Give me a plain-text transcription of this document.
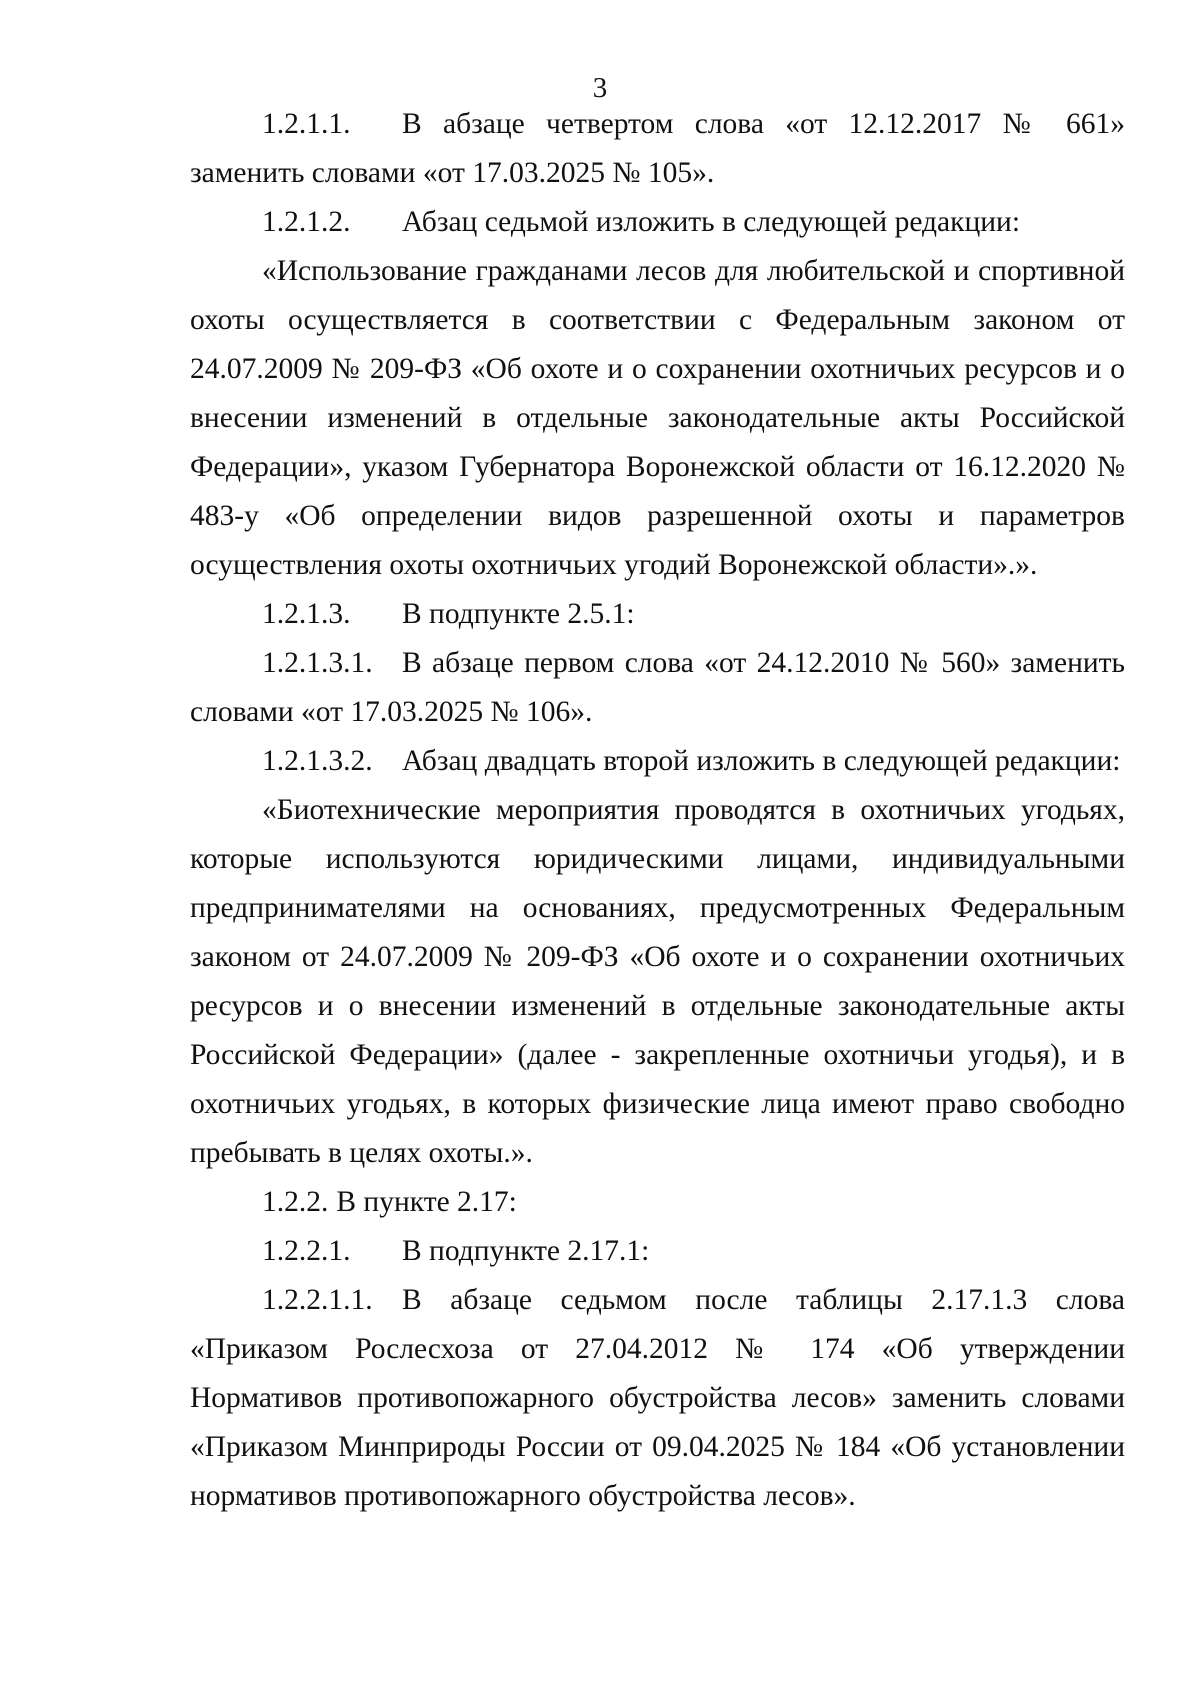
3

1.2.1.1. В абзаце четвертом слова «от 12.12.2017 № 661» заменить словами «от 17.03.2025 № 105».

1.2.1.2. Абзац седьмой изложить в следующей редакции:

«Использование гражданами лесов для любительской и спортивной охоты осуществляется в соответствии с Федеральным законом от 24.07.2009 № 209-ФЗ «Об охоте и о сохранении охотничьих ресурсов и о внесении изменений в отдельные законодательные акты Российской Федерации», указом Губернатора Воронежской области от 16.12.2020 № 483-у «Об определении видов разрешенной охоты и параметров осуществления охоты охотничьих угодий Воронежской области».».

1.2.1.3. В подпункте 2.5.1:

1.2.1.3.1. В абзаце первом слова «от 24.12.2010 № 560» заменить словами «от 17.03.2025 № 106».

1.2.1.3.2. Абзац двадцать второй изложить в следующей редакции:

«Биотехнические мероприятия проводятся в охотничьих угодьях, которые используются юридическими лицами, индивидуальными предпринимателями на основаниях, предусмотренных Федеральным законом от 24.07.2009 № 209-ФЗ «Об охоте и о сохранении охотничьих ресурсов и о внесении изменений в отдельные законодательные акты Российской Федерации» (далее - закрепленные охотничьи угодья), и в охотничьих угодьях, в которых физические лица имеют право свободно пребывать в целях охоты.».

1.2.2. В пункте 2.17:

1.2.2.1. В подпункте 2.17.1:

1.2.2.1.1. В абзаце седьмом после таблицы 2.17.1.3 слова «Приказом Рослесхоза от 27.04.2012 № 174 «Об утверждении Нормативов противопожарного обустройства лесов» заменить словами «Приказом Минприроды России от 09.04.2025 № 184 «Об установлении нормативов противопожарного обустройства лесов».
